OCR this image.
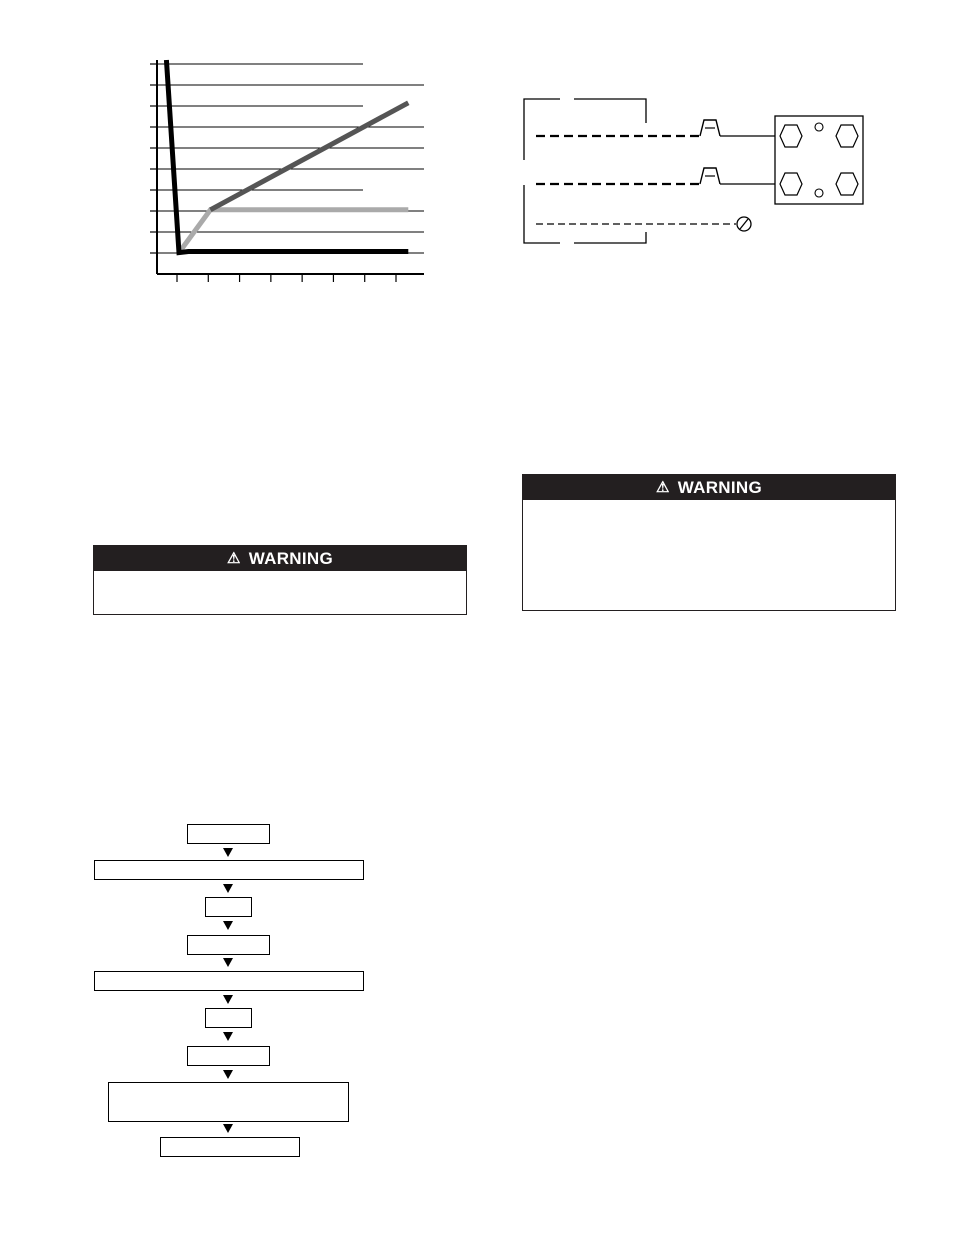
⚠ WARNING
⚠ WARNING
